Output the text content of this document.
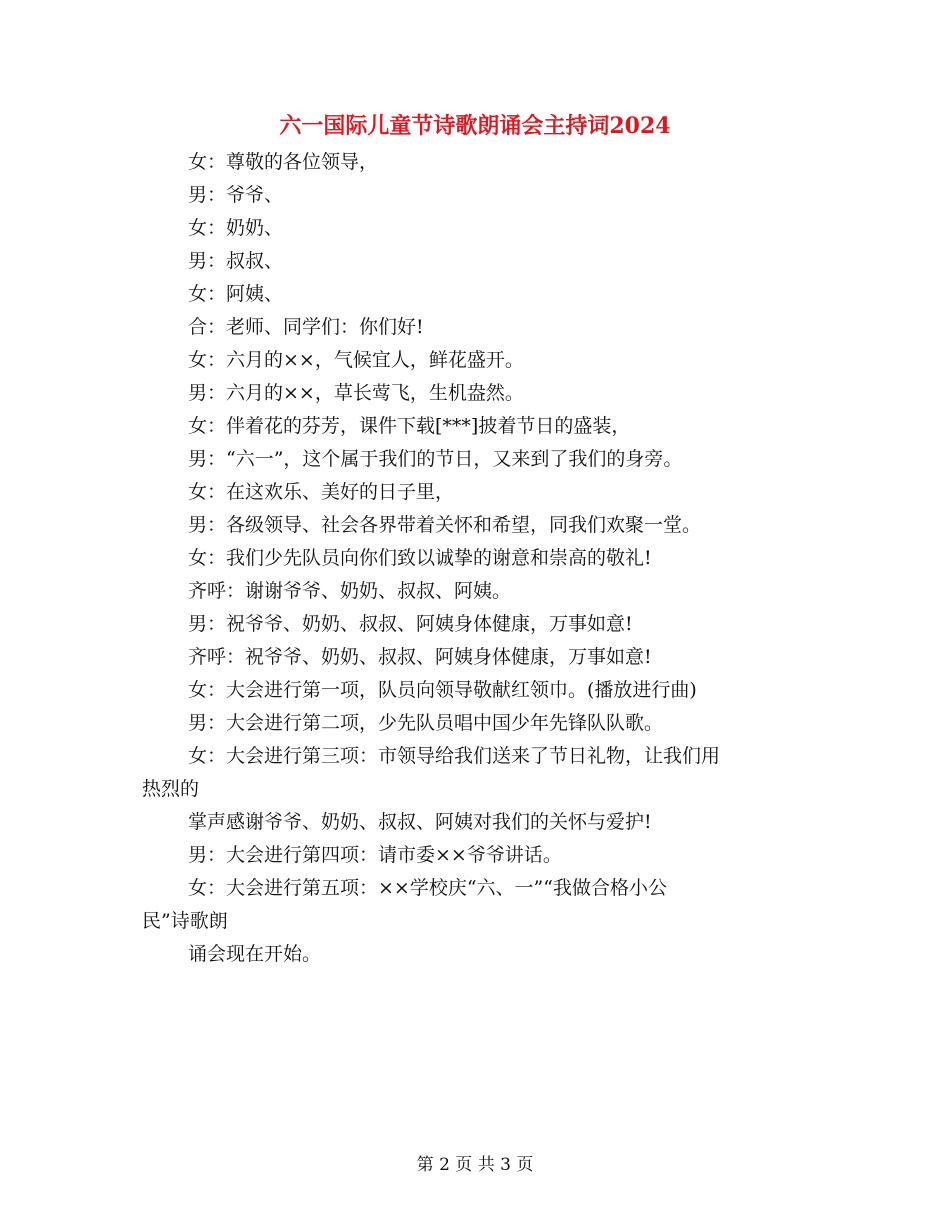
六一国际儿童节诗歌朗诵会主持词2024
女：尊敬的各位领导，
男：爷爷、
女：奶奶、
男：叔叔、
女：阿姨、
合：老师、同学们：你们好!
女：六月的××，气候宜人，鲜花盛开。
男：六月的××，草长莺飞，生机盎然。
女：伴着花的芬芳，课件下载[***]披着节日的盛装，
男：“六一”，这个属于我们的节日，又来到了我们的身旁。
女：在这欢乐、美好的日子里，
男：各级领导、社会各界带着关怀和希望，同我们欢聚一堂。
女：我们少先队员向你们致以诚挚的谢意和崇高的敬礼!
齐呼：谢谢爷爷、奶奶、叔叔、阿姨。
男：祝爷爷、奶奶、叔叔、阿姨身体健康，万事如意!
齐呼：祝爷爷、奶奶、叔叔、阿姨身体健康，万事如意!
女：大会进行第一项，队员向领导敬献红领巾。(播放进行曲)
男：大会进行第二项，少先队员唱中国少年先锋队队歌。
女：大会进行第三项：市领导给我们送来了节日礼物，让我们用
热烈的
掌声感谢爷爷、奶奶、叔叔、阿姨对我们的关怀与爱护!
男：大会进行第四项：请市委××爷爷讲话。
女：大会进行第五项：××学校庆“六、一”“我做合格小公
民”诗歌朗
诵会现在开始。
第 2 页 共 3 页
